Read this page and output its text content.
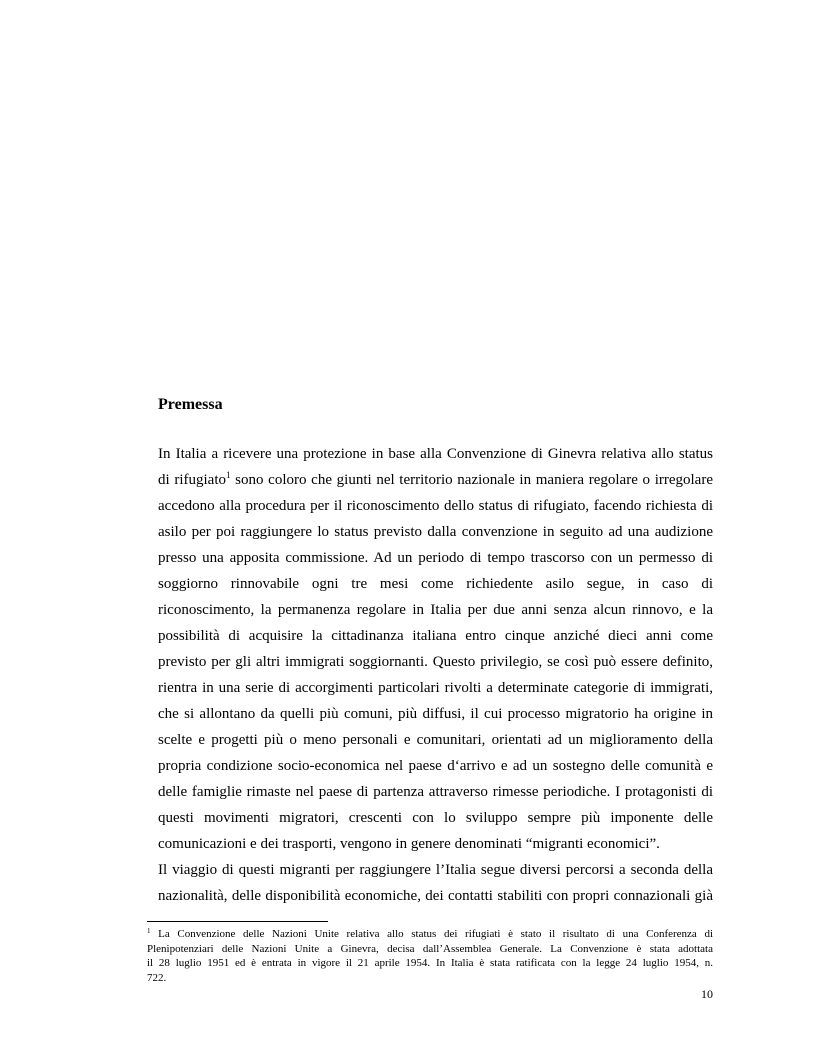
Premessa
In Italia a ricevere una protezione in base alla Convenzione di Ginevra relativa allo status
di rifugiato$^1$ sono coloro che giunti nel territorio nazionale in maniera regolare o irregolare
accedono alla procedura per il riconoscimento dello status di rifugiato, facendo richiesta di
asilo per poi raggiungere lo status previsto dalla convenzione in seguito ad una audizione
presso una apposita commissione. Ad un periodo di tempo trascorso con un permesso di
soggiorno rinnovabile ogni tre mesi come richiedente asilo segue, in caso di
riconoscimento, la permanenza regolare in Italia per due anni senza alcun rinnovo, e la
possibilità di acquisire la cittadinanza italiana entro cinque anziché dieci anni come
previsto per gli altri immigrati soggiornanti. Questo privilegio, se così può essere definito,
rientra in una serie di accorgimenti particolari rivolti a determinate categorie di immigrati,
che si allontano da quelli più comuni, più diffusi, il cui processo migratorio ha origine in
scelte e progetti più o meno personali e comunitari, orientati ad un miglioramento della
propria condizione socio-economica nel paese d‘arrivo e ad un sostegno delle comunità e
delle famiglie rimaste nel paese di partenza attraverso rimesse periodiche. I protagonisti di
questi movimenti migratori, crescenti con lo sviluppo sempre più imponente delle
comunicazioni e dei trasporti, vengono in genere denominati “migranti economici”.
Il viaggio di questi migranti per raggiungere l’Italia segue diversi percorsi a seconda della
nazionalità, delle disponibilità economiche, dei contatti stabiliti con propri connazionali già
$^1$ La Convenzione delle Nazioni Unite relativa allo status dei rifugiati è stato il risultato di una Conferenza di
Plenipotenziari delle Nazioni Unite a Ginevra, decisa dall’Assemblea Generale. La Convenzione è stata adottata
il 28 luglio 1951 ed è entrata in vigore il 21 aprile 1954. In Italia è stata ratificata con la legge 24 luglio 1954, n.
722.
10
